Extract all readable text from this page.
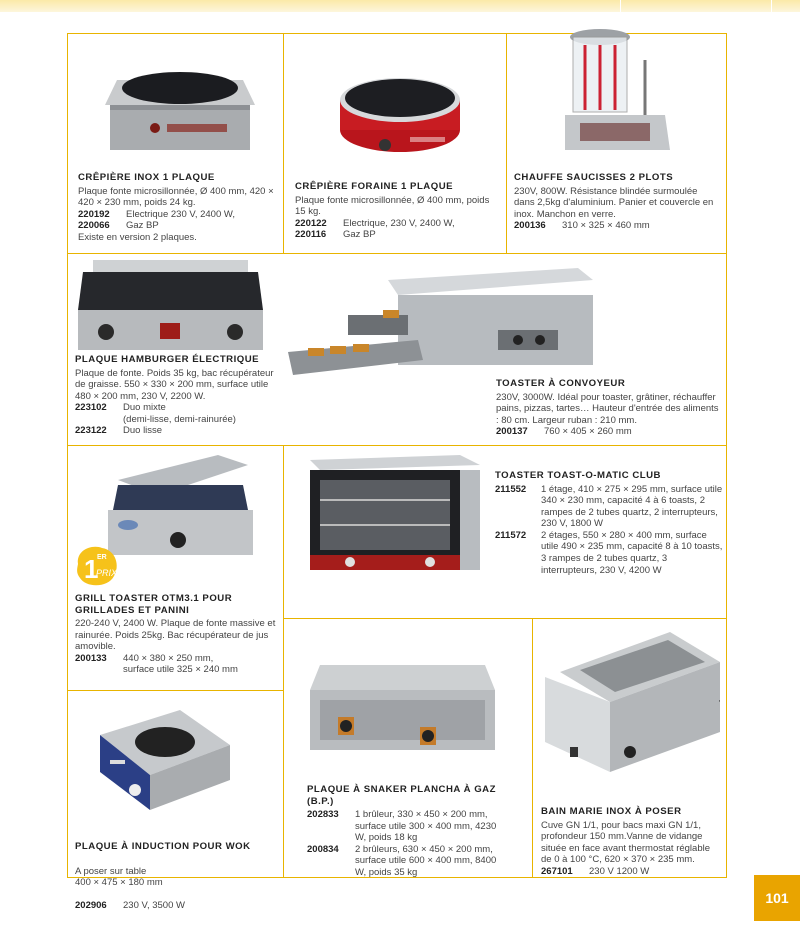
1
ER
PRIX
CRÊPIÈRE INOX 1 PLAQUE
Plaque fonte microsillonnée, Ø 400 mm, 420 × 420 × 230 mm, poids 24 kg.
220192	Electrique 230 V, 2400 W,
220066	Gaz BP
Existe en version 2 plaques.
CRÊPIÈRE FORAINE 1 PLAQUE
Plaque fonte microsillonnée, Ø 400 mm, poids 15 kg.
220122	Electrique, 230 V, 2400 W,
220116	Gaz BP
CHAUFFE SAUCISSES 2 PLOTS
230V, 800W. Résistance blindée surmoulée dans 2,5kg d'aluminium. Panier et couvercle en inox. Manchon en verre.
200136	310 × 325 × 460 mm
PLAQUE HAMBURGER ÉLECTRIQUE
Plaque de fonte. Poids 35 kg, bac récupérateur de graisse. 550 × 330 × 200 mm, surface utile 480 × 200 mm, 230 V, 2200 W.
223102	Duo mixte
(demi-lisse, demi-rainurée)
223122	Duo lisse
TOASTER À CONVOYEUR
230V, 3000W. Idéal pour toaster, grâtiner, réchauffer pains, pizzas, tartes… Hauteur d'entrée des aliments : 80 cm. Largeur ruban : 210 mm.
200137	760 × 405 × 260 mm
GRILL TOASTER OTM3.1 POUR GRILLADES ET PANINI
220-240 V, 2400 W. Plaque de fonte massive et rainurée. Poids 25kg. Bac récupérateur de jus amovible.
200133	440 × 380 × 250 mm,
surface utile 325 × 240 mm
TOASTER TOAST-O-MATIC CLUB
211552	1 étage, 410 × 275 × 295 mm, surface utile 340 × 230 mm, capacité 4 à 6 toasts, 2 rampes de 2 tubes quartz, 2 interrupteurs, 230 V, 1800 W
211572	2 étages, 550 × 280 × 400 mm, surface utile 490 × 235 mm, capacité 8 à 10 toasts, 3 rampes de 2 tubes quartz, 3 interrupteurs, 230 V, 4200 W

PLAQUE À INDUCTION POUR WOK

A poser sur table
400 × 475 × 180 mm

202906	230 V, 3500 W

PLAQUE À SNAKER PLANCHA À GAZ (B.P.)
202833	1 brûleur, 330 × 450 × 200 mm, surface utile 300 × 400 mm, 4230 W, poids 18 kg
200834	2 brûleurs, 630 × 450 × 200 mm, surface utile 600 × 400 mm, 8400 W, poids 35 kg
BAIN MARIE INOX À POSER
Cuve GN 1/1, pour bacs maxi GN 1/1, profondeur 150 mm.Vanne de vidange située en face avant thermostat réglable de 0 à 100 °C, 620 × 370 × 235 mm.
267101	230 V 1200 W
101
